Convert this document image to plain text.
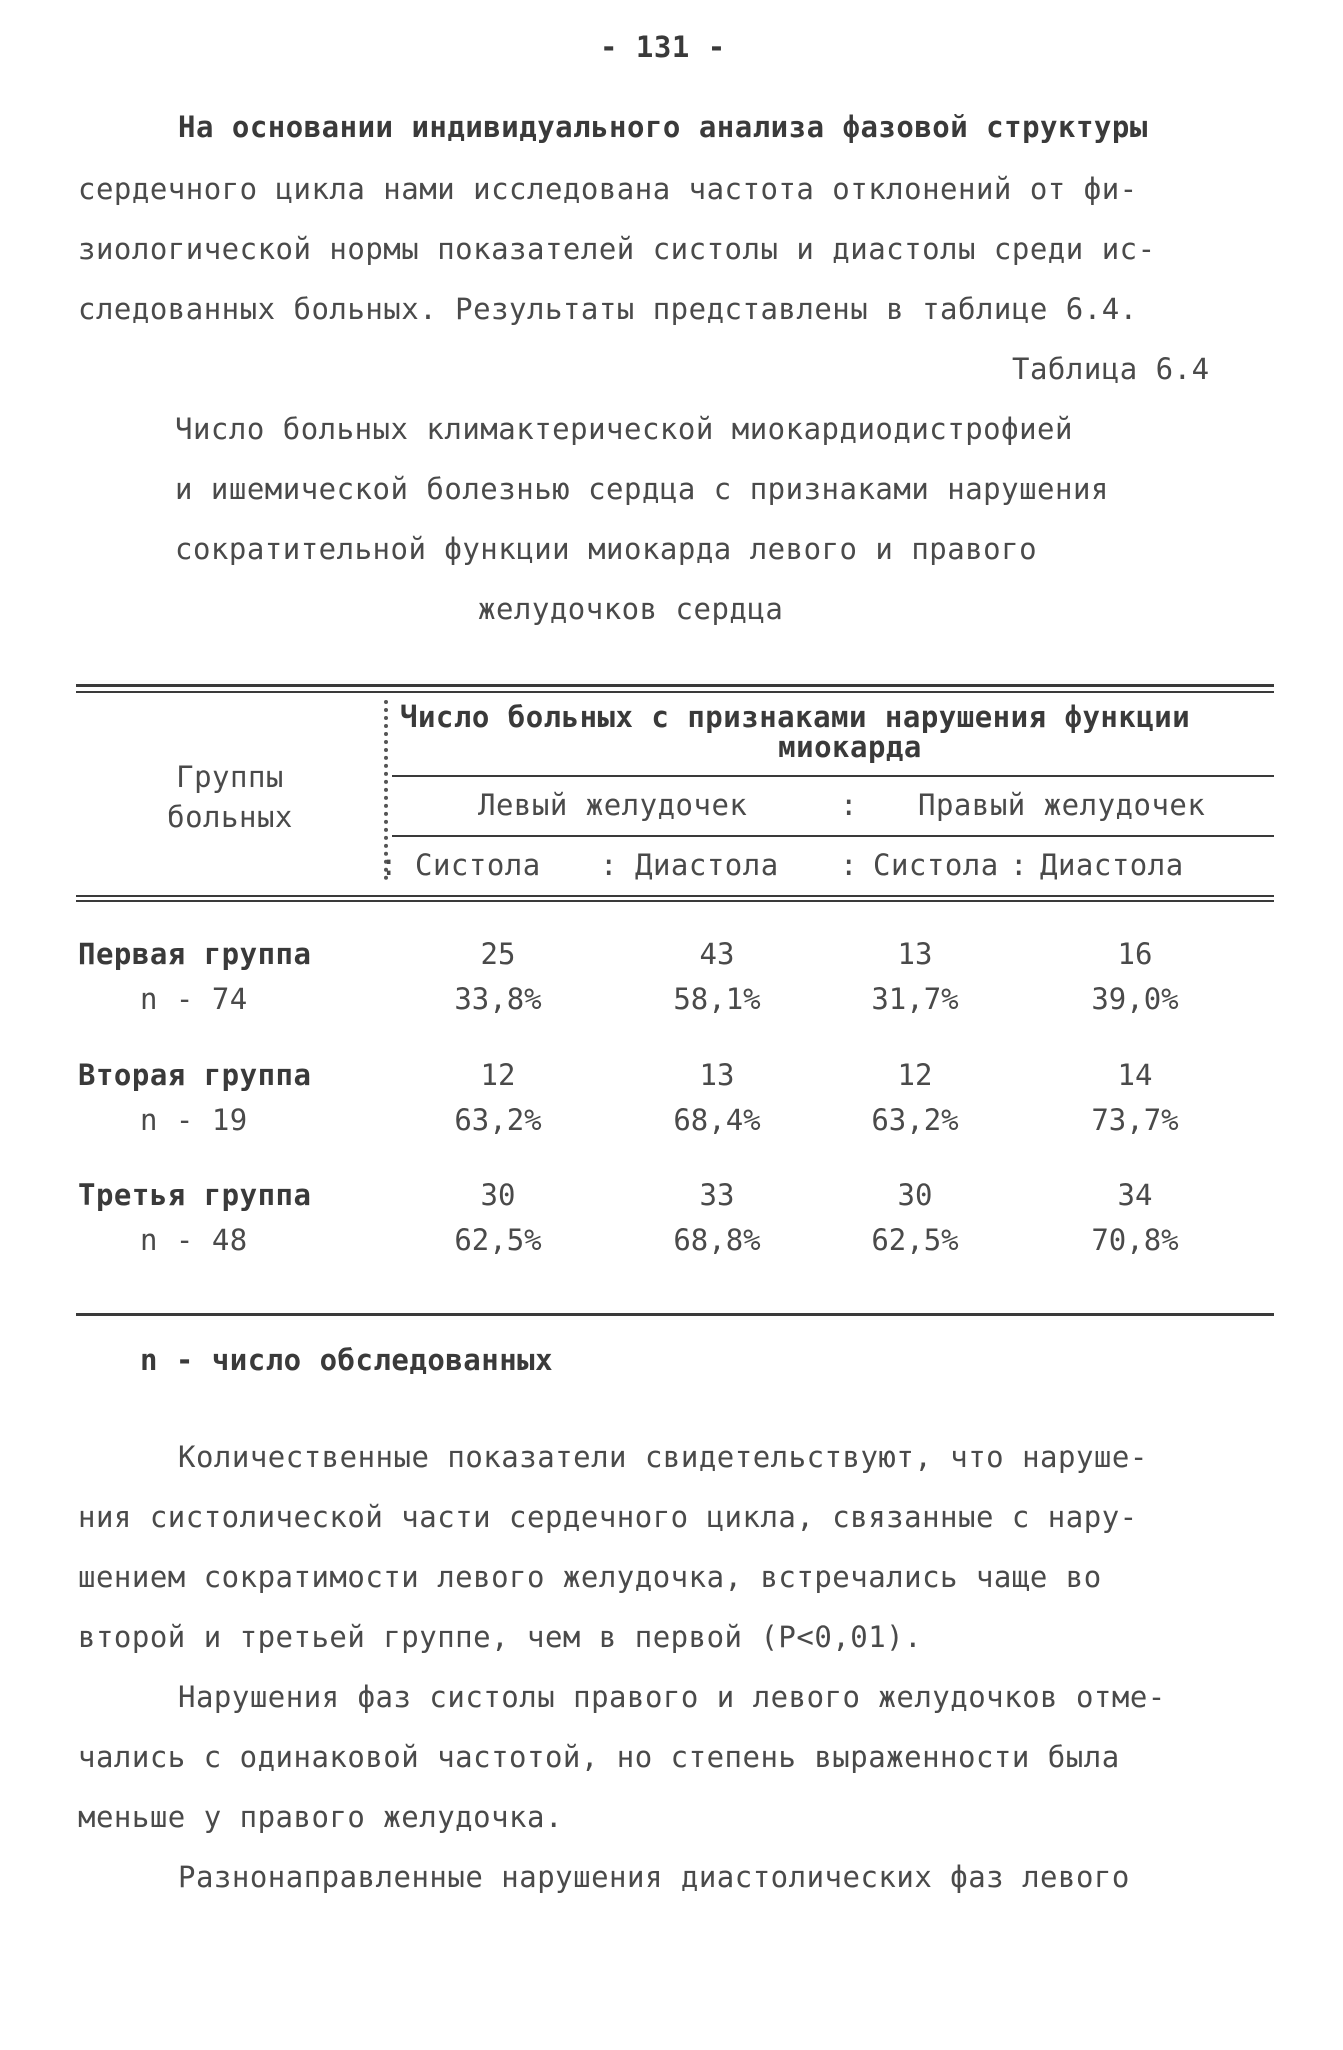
- 131 -
На основании индивидуального анализа фазовой структуры
сердечного цикла нами исследована частота отклонений от фи-
зиологической нормы показателей систолы и диастолы среди ис-
следованных больных. Результаты представлены в таблице 6.4.
Таблица 6.4
Число больных климактерической миокардиодистрофией
и ишемической болезнью сердца с признаками нарушения
сократительной функции миокарда левого и правого
желудочков сердца
Группы
больных
Число больных с признаками нарушения функции
миокарда
Левый желудочек	: Правый желудочек
: Систола : Диастола : Систола : Диастола
Первая группа
n - 74
25	43	13	16
33,8%	58,1%	31,7%	39,0%
Вторая группа
n - 19
12	13	12	14
63,2%	68,4%	63,2%	73,7%
Третья группа
n - 48
30	33	30	34
62,5%	68,8%	62,5%	70,8%
n - число обследованных
Количественные показатели свидетельствуют, что наруше-
ния систолической части сердечного цикла, связанные с нару-
шением сократимости левого желудочка, встречались чаще во
второй и третьей группе, чем в первой (P<0,01).
Нарушения фаз систолы правого и левого желудочков отме-
чались с одинаковой частотой, но степень выраженности была
меньше у правого желудочка.
Разнонаправленные нарушения диастолических фаз левого
